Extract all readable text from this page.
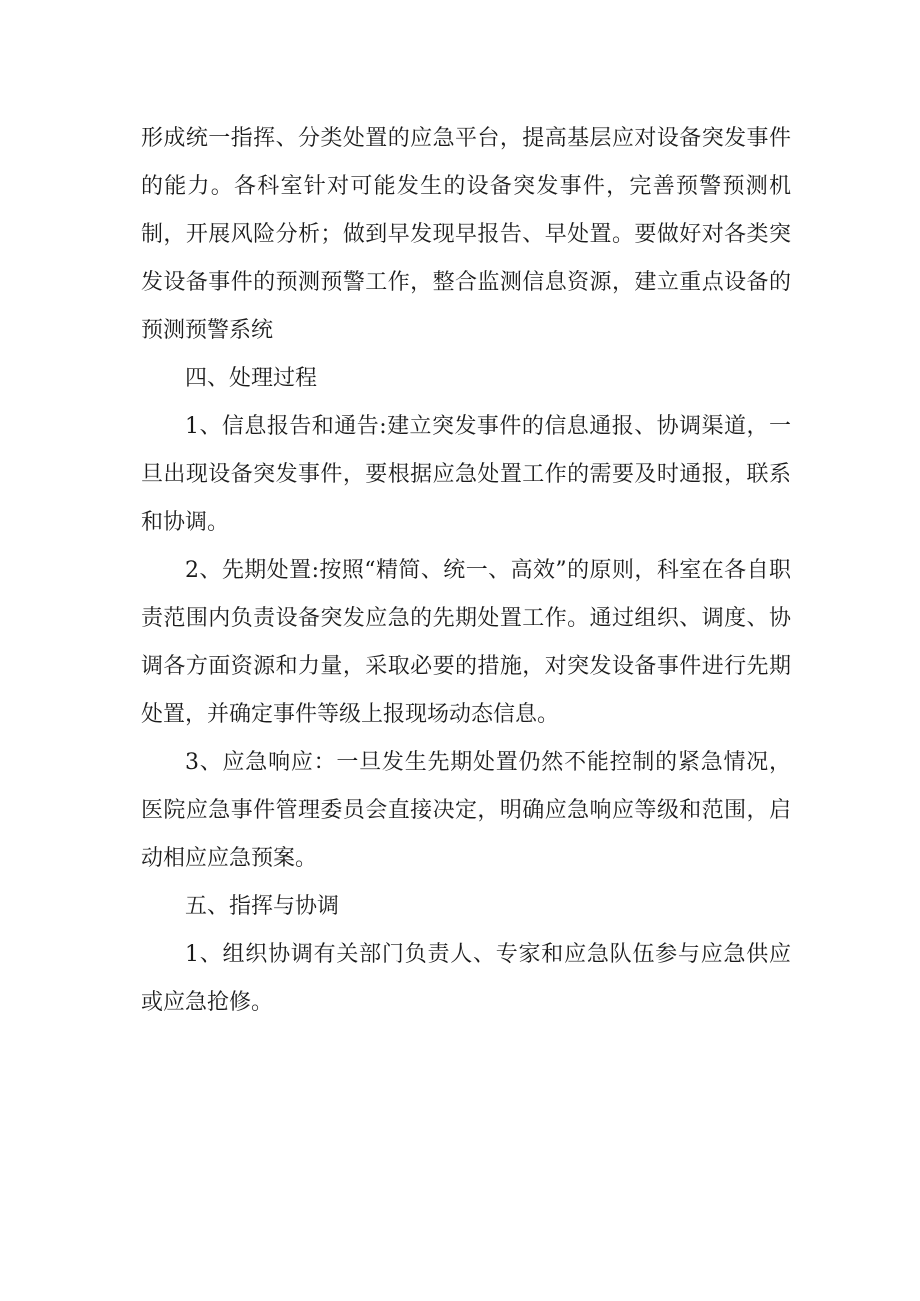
形成统一指挥、分类处置的应急平台，提高基层应对设备突发事件的能力。各科室针对可能发生的设备突发事件，完善预警预测机制，开展风险分析；做到早发现早报告、早处置。要做好对各类突发设备事件的预测预警工作，整合监测信息资源，建立重点设备的预测预警系统

四、处理过程

1、信息报告和通告:建立突发事件的信息通报、协调渠道，一旦出现设备突发事件，要根据应急处置工作的需要及时通报，联系和协调。

2、先期处置:按照“精简、统一、高效”的原则，科室在各自职责范围内负责设备突发应急的先期处置工作。通过组织、调度、协调各方面资源和力量，采取必要的措施，对突发设备事件进行先期处置，并确定事件等级上报现场动态信息。

3、应急响应：一旦发生先期处置仍然不能控制的紧急情况，医院应急事件管理委员会直接决定，明确应急响应等级和范围，启动相应应急预案。

五、指挥与协调

1、组织协调有关部门负责人、专家和应急队伍参与应急供应或应急抢修。
